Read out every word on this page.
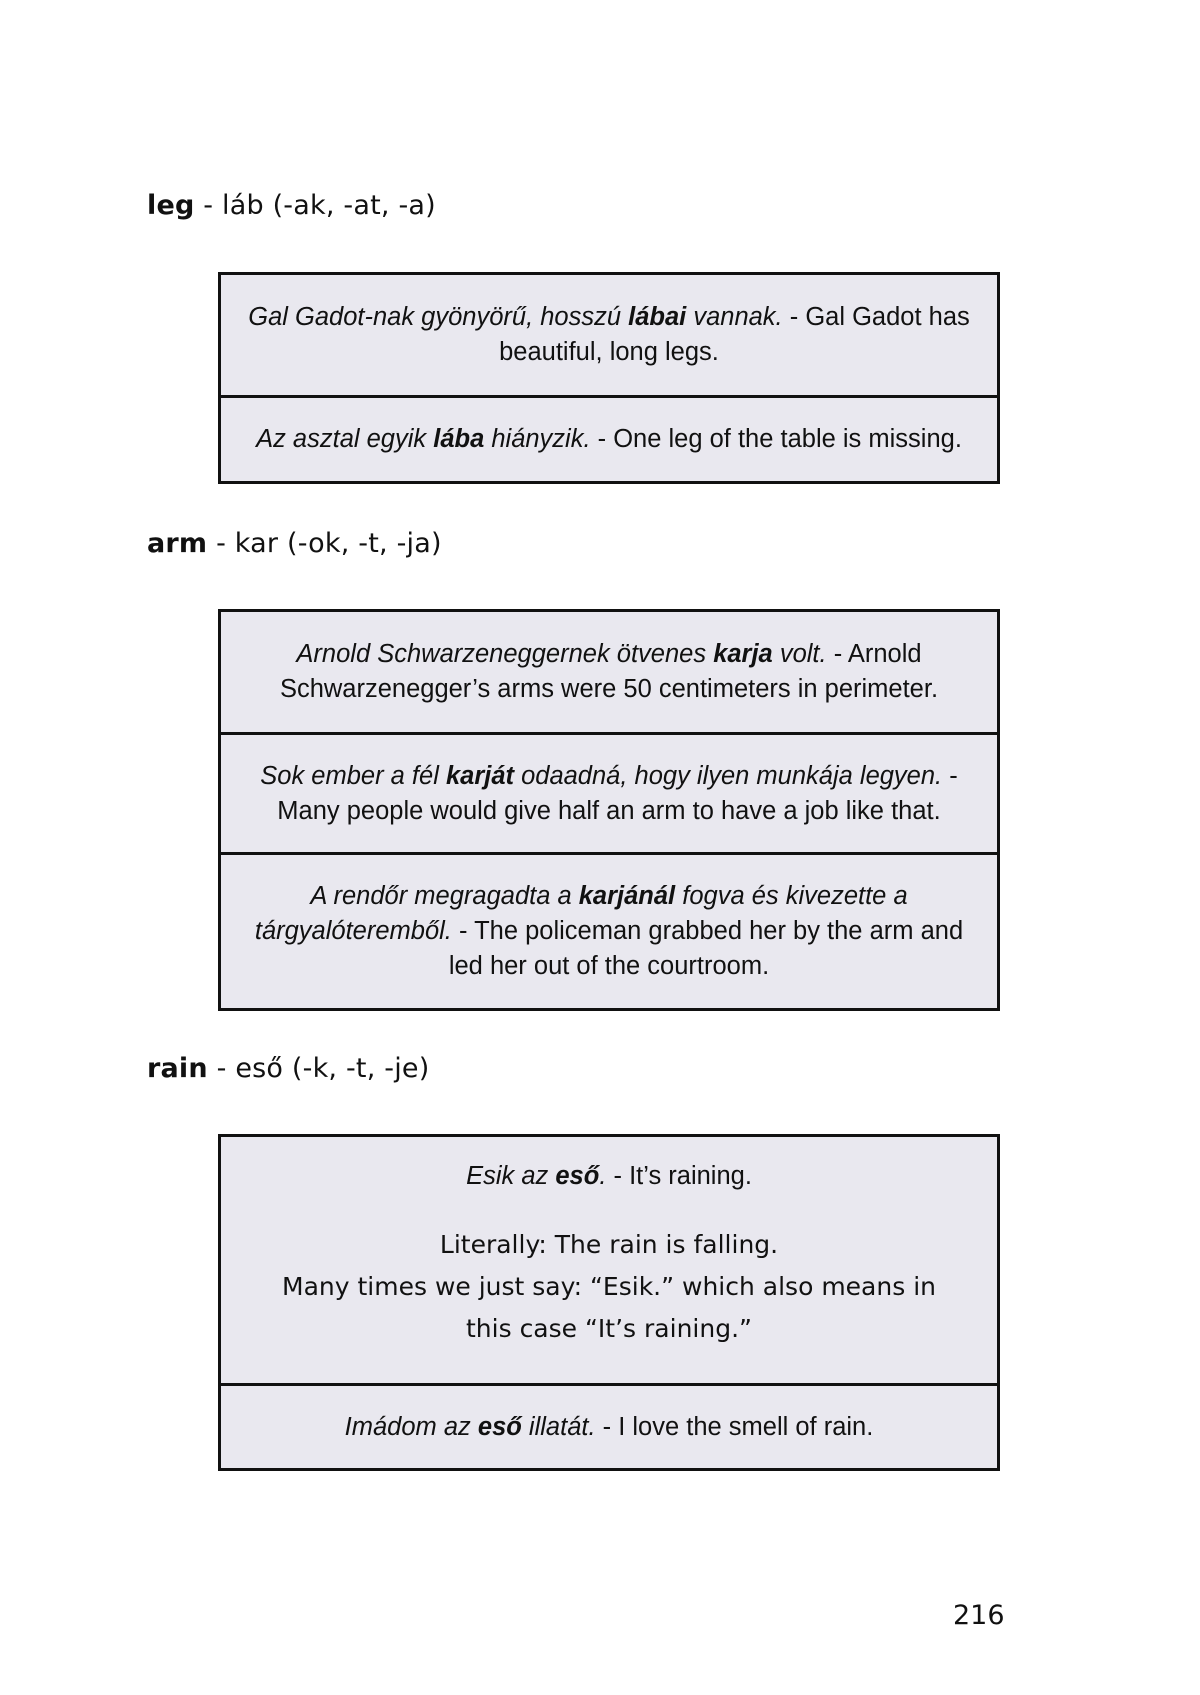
leg - láb (-ak, -at, -a)
Gal Gadot-nak gyönyörű, hosszú lábai vannak. - Gal Gadot has beautiful, long legs.
Az asztal egyik lába hiányzik. - One leg of the table is missing.
arm - kar (-ok, -t, -ja)
Arnold Schwarzeneggernek ötvenes karja volt. - Arnold Schwarzenegger’s arms were 50 centimeters in perimeter.
Sok ember a fél karját odaadná, hogy ilyen munkája legyen. - Many people would give half an arm to have a job like that.
A rendőr megragadta a karjánál fogva és kivezette a tárgyalóteremből. - The policeman grabbed her by the arm and led her out of the courtroom.
rain - eső (-k, -t, -je)
Esik az eső. - It’s raining.
Literally: The rain is falling.
Many times we just say: “Esik.” which also means in this case “It’s raining.”
Imádom az eső illatát. - I love the smell of rain.
216
